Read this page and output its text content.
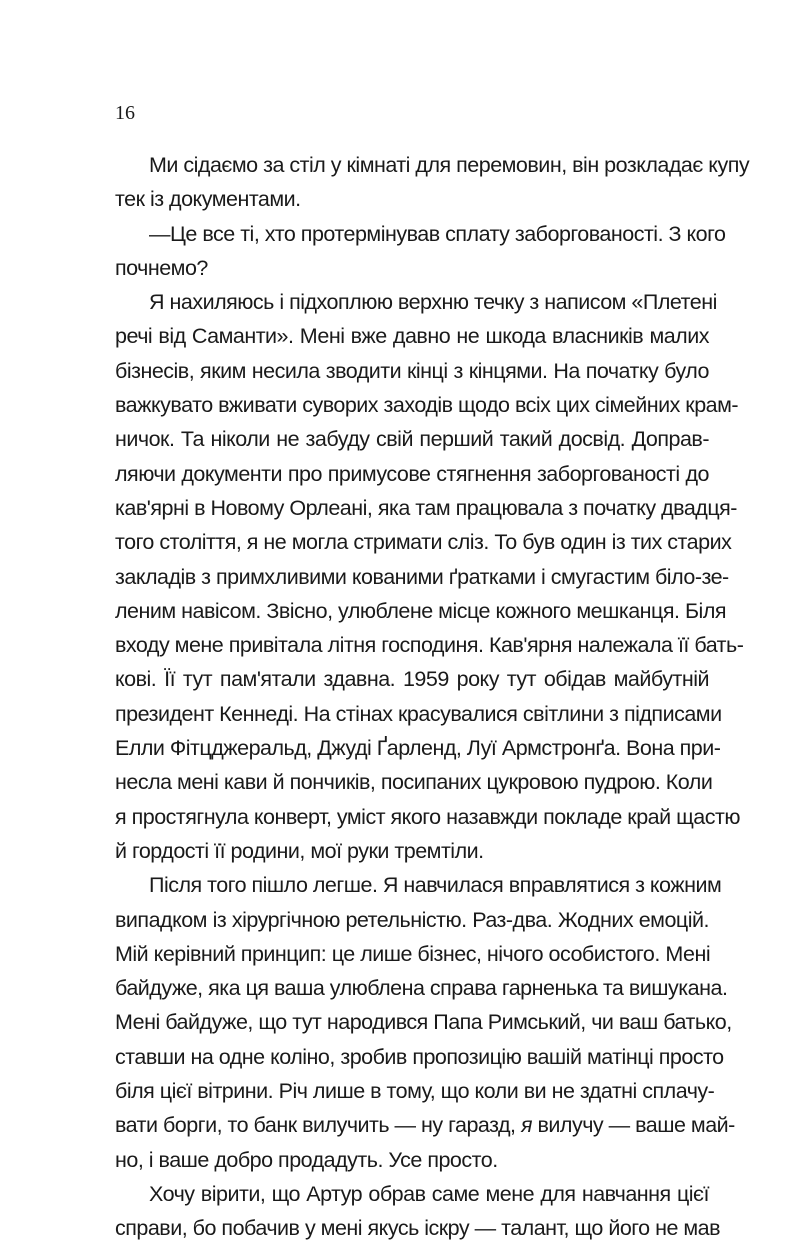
16
Ми сідаємо за стіл у кімнаті для перемовин, він розкладає купу
тек із документами.
—Це все ті, хто протермінував сплату заборгованості. З кого
почнемо?
Я нахиляюсь і підхоплюю верхню течку з написом «Плетені
речі від Саманти». Мені вже давно не шкода власників малих
бізнесів, яким несила зводити кінці з кінцями. На початку було
важкувато вживати суворих заходів щодо всіх цих сімейних крам-
ничок. Та ніколи не забуду свій перший такий досвід. Доправ-
ляючи документи про примусове стягнення заборгованості до
кав'ярні в Новому Орлеані, яка там працювала з початку двадця-
того століття, я не могла стримати сліз. То був один із тих старих
закладів з примхливими кованими ґратками і смугастим біло-зе-
леним навісом. Звісно, улюблене місце кожного мешканця. Біля
входу мене привітала літня господиня. Кав'ярня належала її бать-
кові. Її тут пам'ятали здавна. 1959 року тут обідав майбутній
президент Кеннеді. На стінах красувалися світлини з підписами
Елли Фітцджеральд, Джуді Ґарленд, Луї Армстронґа. Вона при-
несла мені кави й пончиків, посипаних цукровою пудрою. Коли
я простягнула конверт, уміст якого назавжди покладе край щастю
й гордості її родини, мої руки тремтіли.
Після того пішло легше. Я навчилася вправлятися з кожним
випадком із хірургічною ретельністю. Раз-два. Жодних емоцій.
Мій керівний принцип: це лише бізнес, нічого особистого. Мені
байдуже, яка ця ваша улюблена справа гарненька та вишукана.
Мені байдуже, що тут народився Папа Римський, чи ваш батько,
ставши на одне коліно, зробив пропозицію вашій матінці просто
біля цієї вітрини. Річ лише в тому, що коли ви не здатні сплачу-
вати борги, то банк вилучить — ну гаразд, я вилучу — ваше май-
но, і ваше добро продадуть. Усе просто.
Хочу вірити, що Артур обрав саме мене для навчання цієї
справи, бо побачив у мені якусь іскру — талант, що його не мав
